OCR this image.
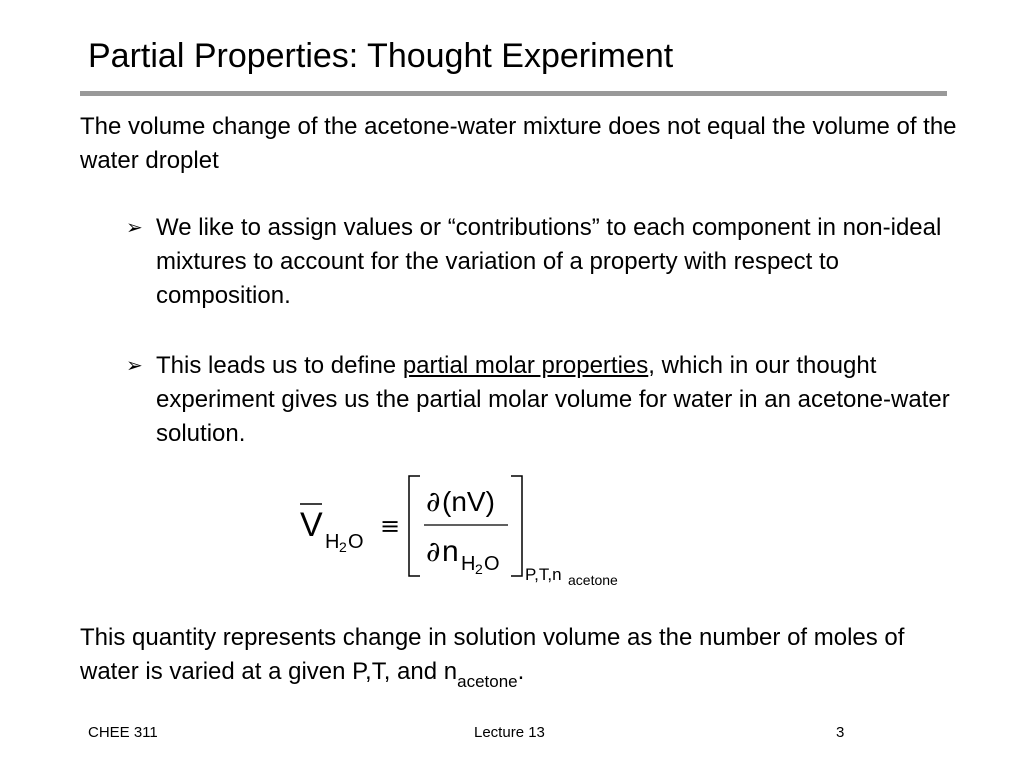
Partial Properties: Thought Experiment
The volume change of the acetone-water mixture does not equal the volume of the water droplet
➢ We like to assign values or “contributions” to each component in non-ideal mixtures to account for the variation of a property with respect to composition.
➢ This leads us to define partial molar properties, which in our thought experiment gives us the partial molar volume for water in an acetone-water solution.
V H 2 O
≡
∂ (nV)
∂ n H 2 O P,T,n acetone
This quantity represents change in solution volume as the number of moles of water is varied at a given P,T, and $n_{acetone}$.
CHEE 311	Lecture 13	3
